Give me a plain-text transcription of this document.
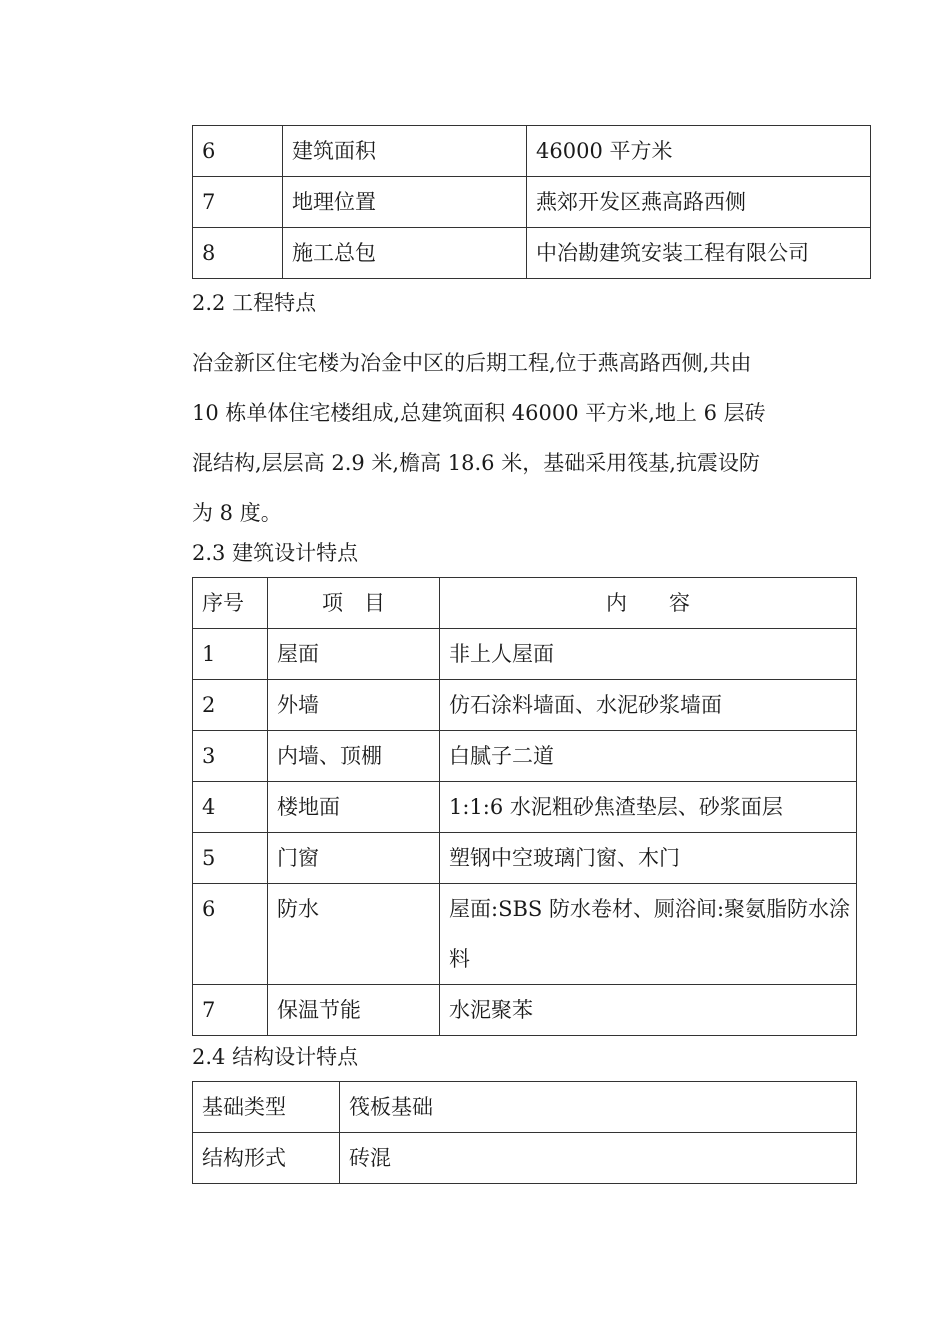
6	建筑面积	46000 平方米
7	地理位置	燕郊开发区燕高路西侧
8	施工总包	中冶勘建筑安装工程有限公司

2.2 工程特点

冶金新区住宅楼为冶金中区的后期工程,位于燕高路西侧,共由
10 栋单体住宅楼组成,总建筑面积 46000 平方米,地上 6 层砖
混结构,层层高 2.9 米,檐高 18.6 米，基础采用筏基,抗震设防
为 8 度。

2.3 建筑设计特点

序号	项　目	内　　容
1	屋面	非上人屋面
2	外墙	仿石涂料墙面、水泥砂浆墙面
3	内墙、顶棚	白腻子二道
4	楼地面	1:1:6 水泥粗砂焦渣垫层、砂浆面层
5	门窗	塑钢中空玻璃门窗、木门
6	防水	屋面:SBS 防水卷材、厕浴间:聚氨脂防水涂料
7	保温节能	水泥聚苯

2.4 结构设计特点

基础类型	筏板基础
结构形式	砖混
